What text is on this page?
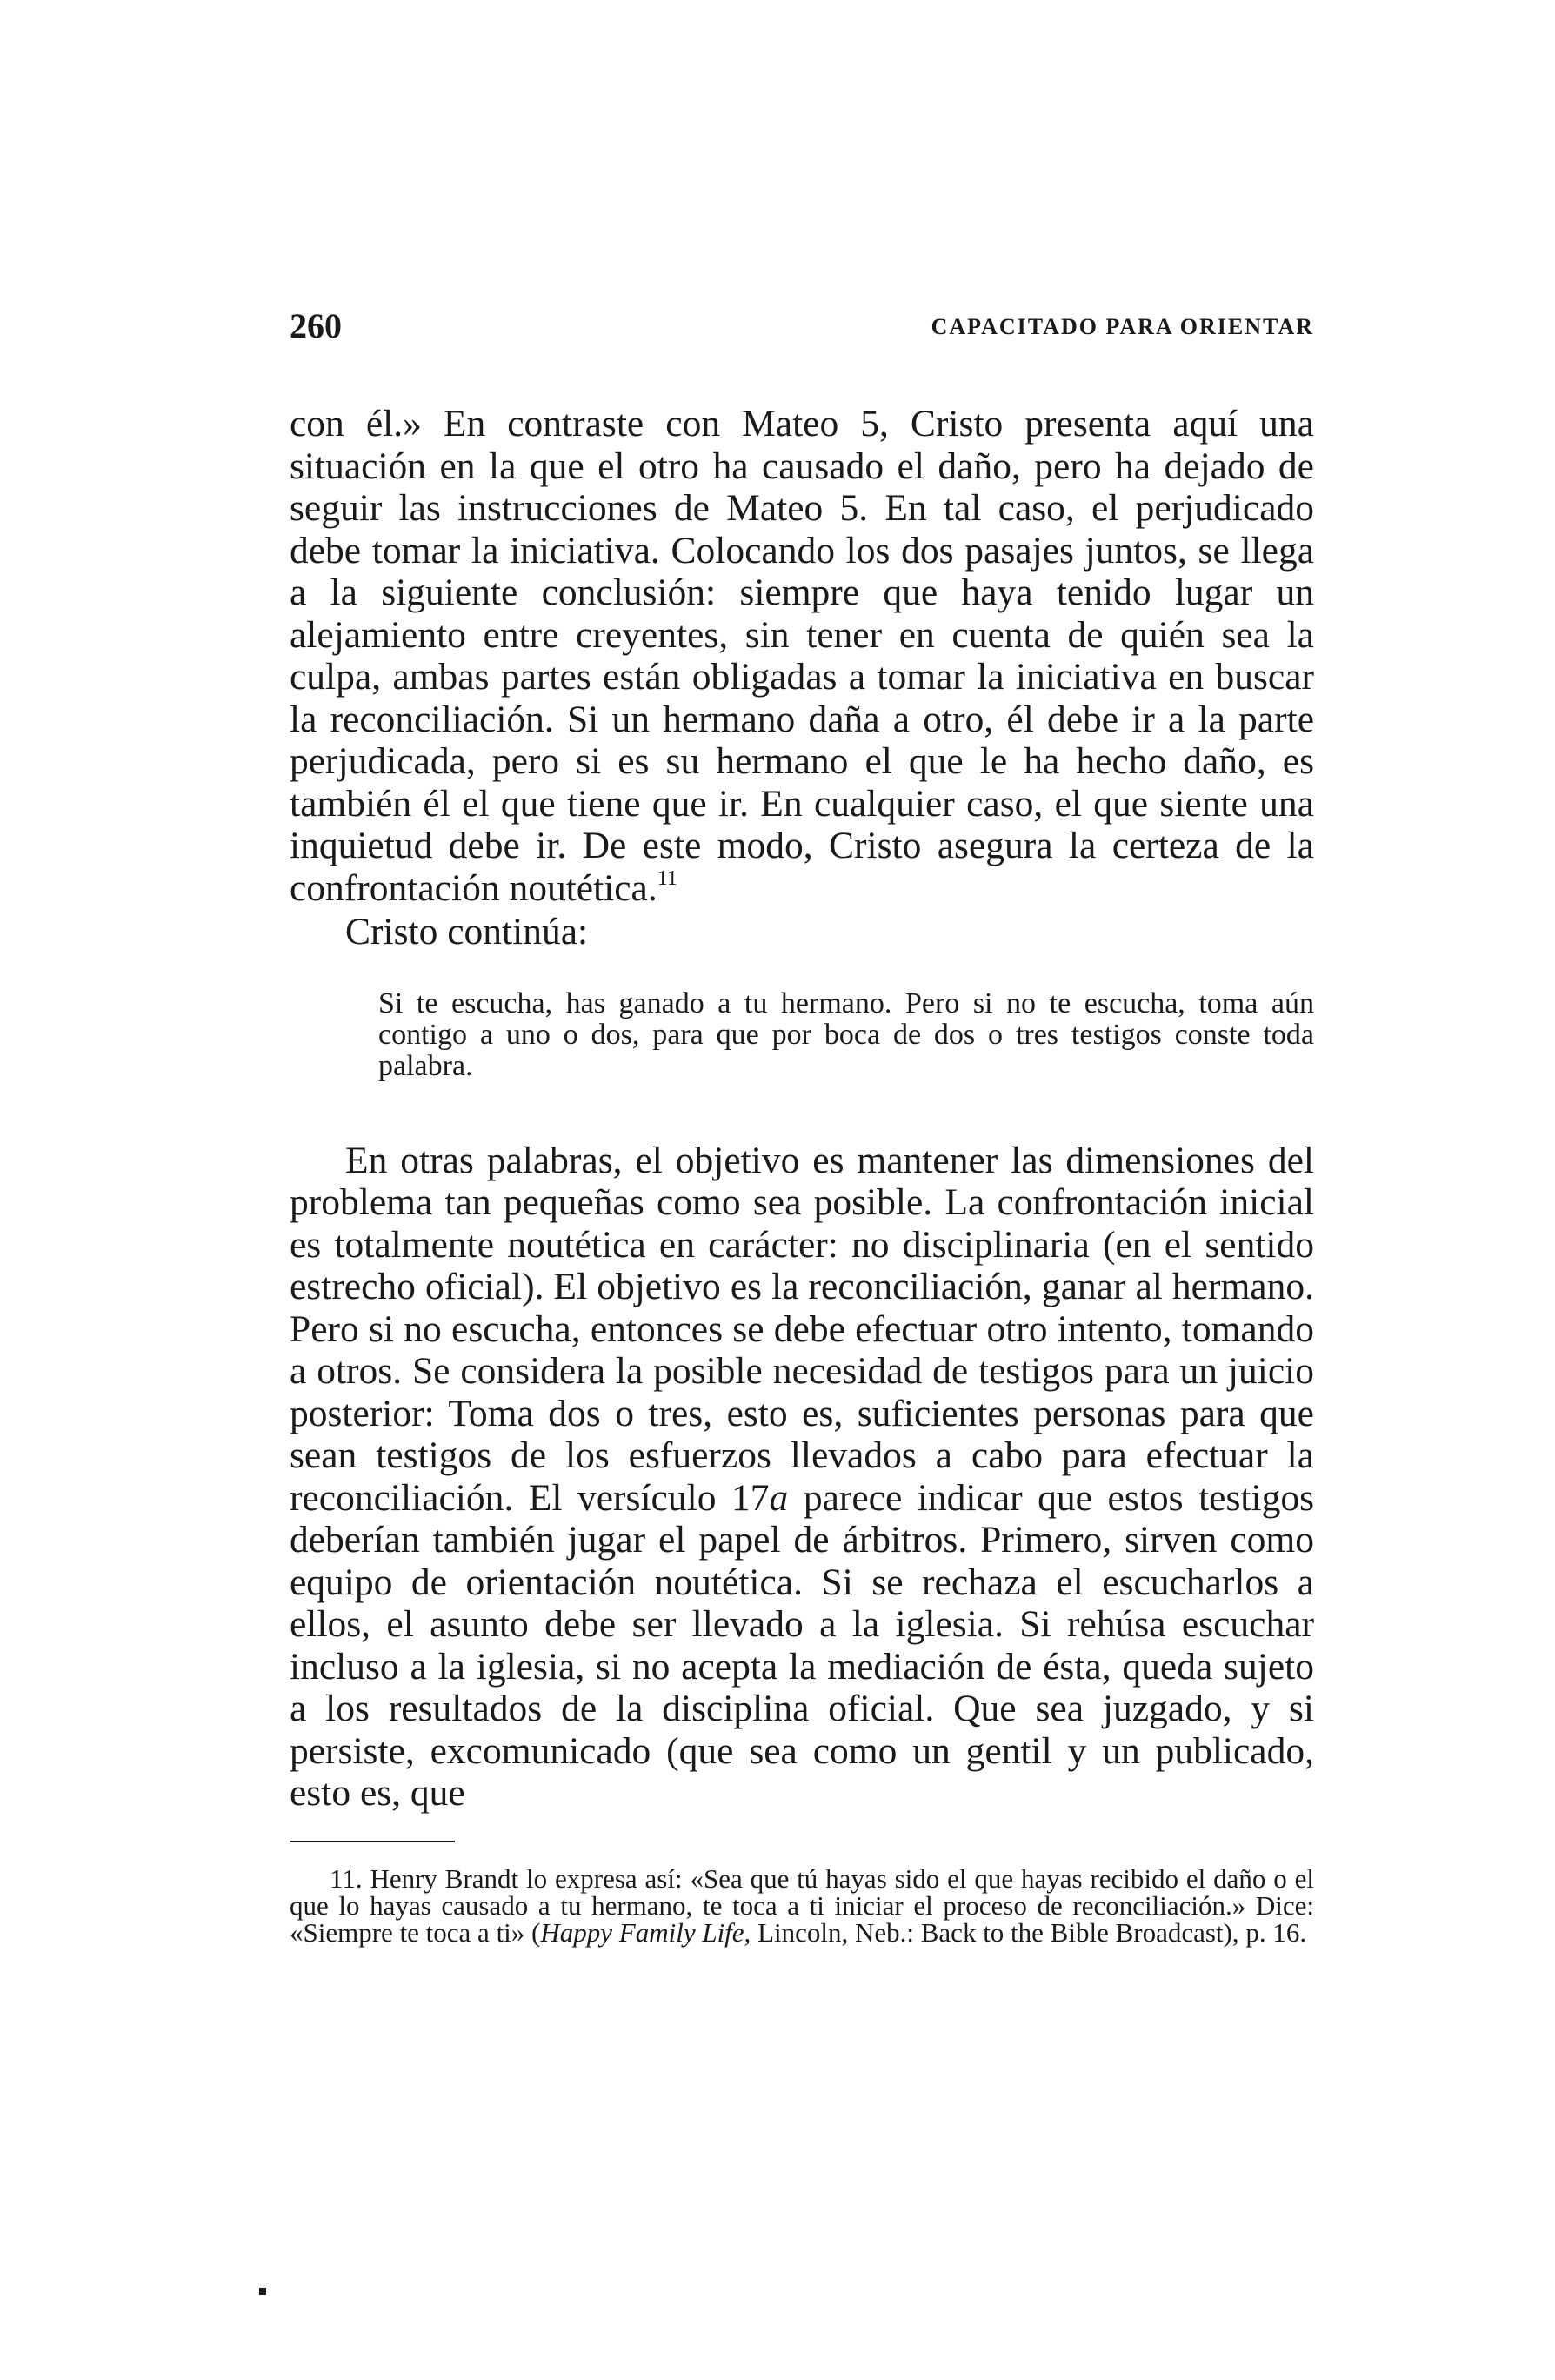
260	CAPACITADO PARA ORIENTAR

con él.» En contraste con Mateo 5, Cristo presenta aquí una situación en la que el otro ha causado el daño, pero ha dejado de seguir las instrucciones de Mateo 5. En tal caso, el perjudicado debe tomar la iniciativa. Colocando los dos pasajes juntos, se llega a la siguiente conclusión: siempre que haya tenido lugar un alejamiento entre creyentes, sin tener en cuenta de quién sea la culpa, ambas partes están obligadas a tomar la iniciativa en buscar la reconciliación. Si un hermano daña a otro, él debe ir a la parte perjudicada, pero si es su hermano el que le ha hecho daño, es también él el que tiene que ir. En cualquier caso, el que siente una inquietud debe ir. De este modo, Cristo asegura la certeza de la confrontación noutética.$^{11}$

Cristo continúa:

Si te escucha, has ganado a tu hermano. Pero si no te escucha, toma aún contigo a uno o dos, para que por boca de dos o tres testigos conste toda palabra.

En otras palabras, el objetivo es mantener las dimensiones del problema tan pequeñas como sea posible. La confrontación inicial es totalmente noutética en carácter: no disciplinaria (en el sentido estrecho oficial). El objetivo es la reconciliación, ganar al hermano. Pero si no escucha, entonces se debe efectuar otro intento, tomando a otros. Se considera la posible necesidad de testigos para un juicio posterior: Toma dos o tres, esto es, suficientes personas para que sean testigos de los esfuerzos llevados a cabo para efectuar la reconciliación. El versículo 17a parece indicar que estos testigos deberían también jugar el papel de árbitros. Primero, sirven como equipo de orientación noutética. Si se rechaza el escucharlos a ellos, el asunto debe ser llevado a la iglesia. Si rehúsa escuchar incluso a la iglesia, si no acepta la mediación de ésta, queda sujeto a los resultados de la disciplina oficial. Que sea juzgado, y si persiste, excomunicado (que sea como un gentil y un publicado, esto es, que

11. Henry Brandt lo expresa así: «Sea que tú hayas sido el que hayas recibido el daño o el que lo hayas causado a tu hermano, te toca a ti iniciar el proceso de reconciliación.» Dice: «Siempre te toca a ti» (Happy Family Life, Lincoln, Neb.: Back to the Bible Broadcast), p. 16.
